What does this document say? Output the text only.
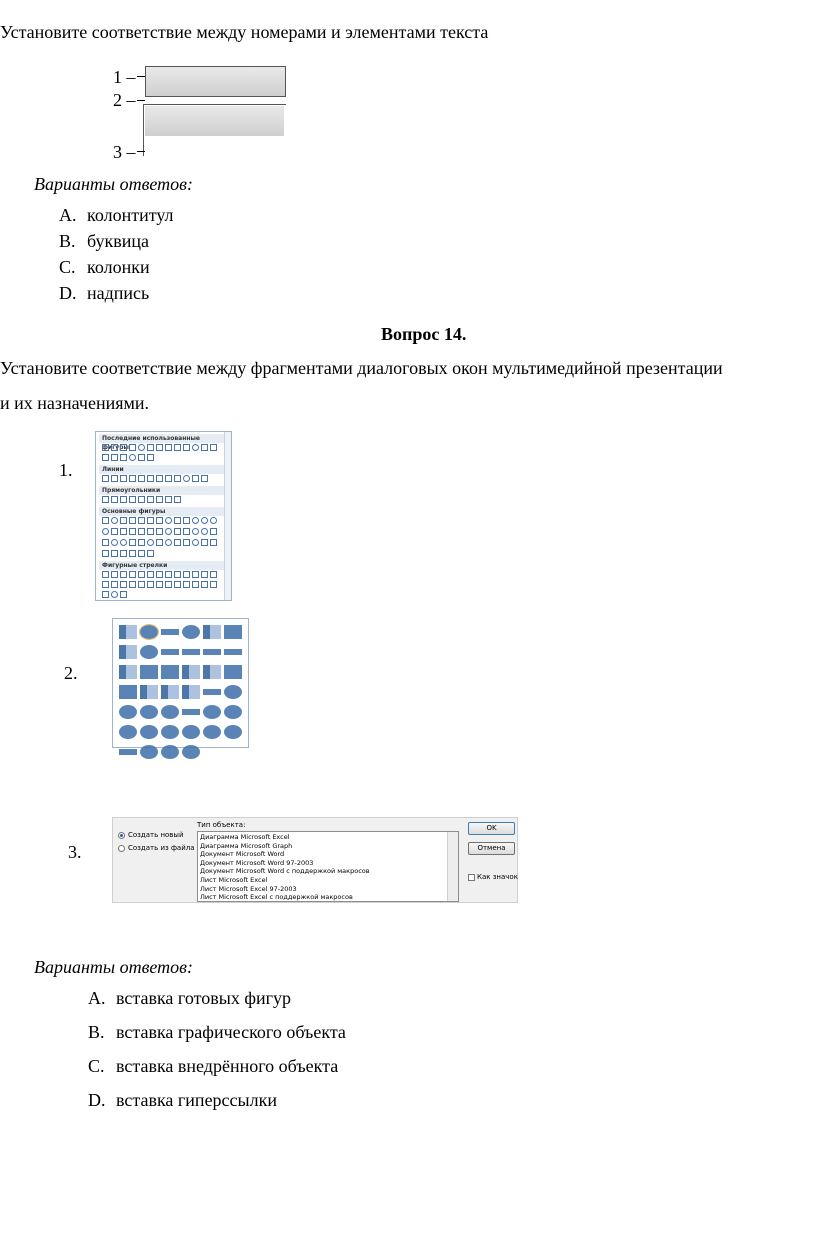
Установите соответствие между номерами и элементами текста
1 –
2 –
3 –
Варианты ответов:
A. колонтитул
B. буквица
C. колонки
D. надпись
Вопрос 14.
Установите соответствие между фрагментами диалоговых окон мультимедийной презентации
и их назначениями.
1.
2.
3.
Последние использованные фигуры
Линии
Прямоугольники
Основные фигуры
Фигурные стрелки
Создать новый
Создать из файла
Тип объекта:
Диаграмма Microsoft Excel
Диаграмма Microsoft Graph
Документ Microsoft Word
Документ Microsoft Word 97-2003
Документ Microsoft Word с поддержкой макросов
Лист Microsoft Excel
Лист Microsoft Excel 97-2003
Лист Microsoft Excel с поддержкой макросов
OK
Отмена
Как значок
Варианты ответов:
A. вставка готовых фигур
B. вставка графического объекта
C. вставка внедрённого объекта
D. вставка гиперссылки
